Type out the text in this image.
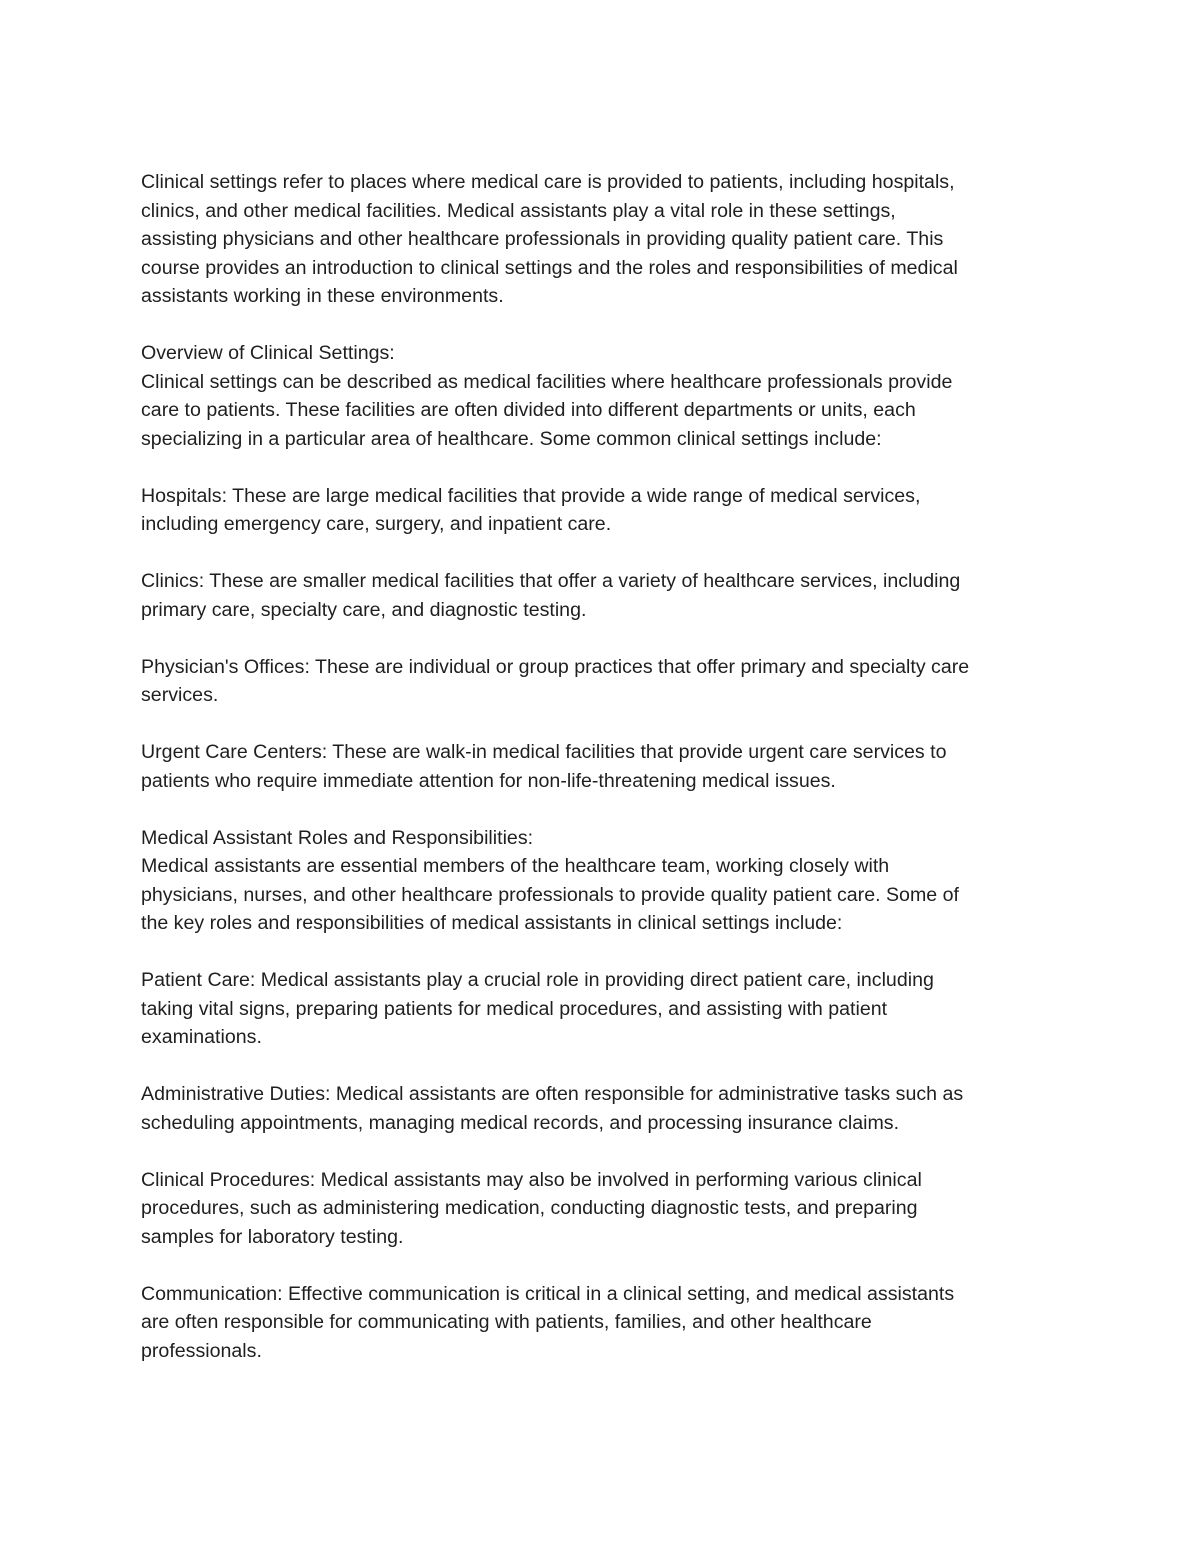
Clinical settings refer to places where medical care is provided to patients, including hospitals,
clinics, and other medical facilities. Medical assistants play a vital role in these settings,
assisting physicians and other healthcare professionals in providing quality patient care. This
course provides an introduction to clinical settings and the roles and responsibilities of medical
assistants working in these environments.

Overview of Clinical Settings:
Clinical settings can be described as medical facilities where healthcare professionals provide
care to patients. These facilities are often divided into different departments or units, each
specializing in a particular area of healthcare. Some common clinical settings include:

Hospitals: These are large medical facilities that provide a wide range of medical services,
including emergency care, surgery, and inpatient care.

Clinics: These are smaller medical facilities that offer a variety of healthcare services, including
primary care, specialty care, and diagnostic testing.

Physician's Offices: These are individual or group practices that offer primary and specialty care
services.

Urgent Care Centers: These are walk-in medical facilities that provide urgent care services to
patients who require immediate attention for non-life-threatening medical issues.

Medical Assistant Roles and Responsibilities:
Medical assistants are essential members of the healthcare team, working closely with
physicians, nurses, and other healthcare professionals to provide quality patient care. Some of
the key roles and responsibilities of medical assistants in clinical settings include:

Patient Care: Medical assistants play a crucial role in providing direct patient care, including
taking vital signs, preparing patients for medical procedures, and assisting with patient
examinations.

Administrative Duties: Medical assistants are often responsible for administrative tasks such as
scheduling appointments, managing medical records, and processing insurance claims.

Clinical Procedures: Medical assistants may also be involved in performing various clinical
procedures, such as administering medication, conducting diagnostic tests, and preparing
samples for laboratory testing.

Communication: Effective communication is critical in a clinical setting, and medical assistants
are often responsible for communicating with patients, families, and other healthcare
professionals.
